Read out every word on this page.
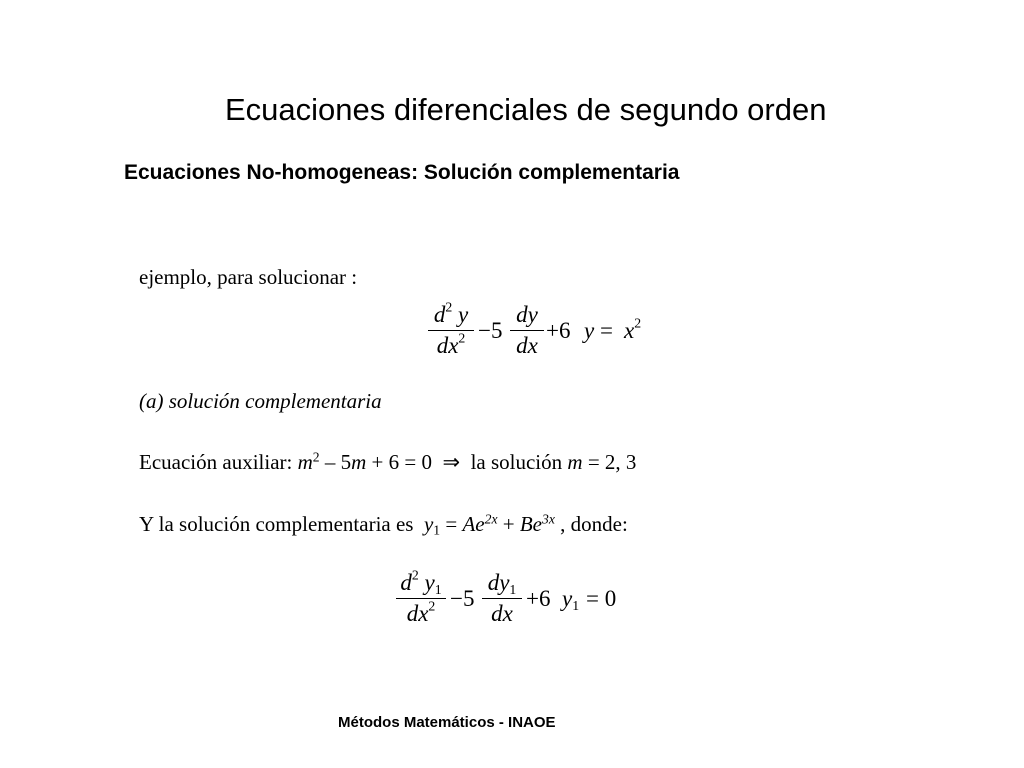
Ecuaciones diferenciales de segundo orden
Ecuaciones No-homogeneas: Solución complementaria
ejemplo, para solucionar :
$d^2$ y
$dx^2 -5$
dy
dx
+6 $y = x^2$
(a) solución complementaria
Ecuación auxiliar: $m^2 - 5m + 6 = 0$ ⇒ la solución m = 2, 3
Y la solución complementaria es $y_1 = Ae^{2x} + Be^{3x}$ , donde:
$d^2$ $y_1$
$dx^2 -5$
$dy_1$
dx
+6 $y_1 = 0$
Métodos Matemáticos - INAOE
